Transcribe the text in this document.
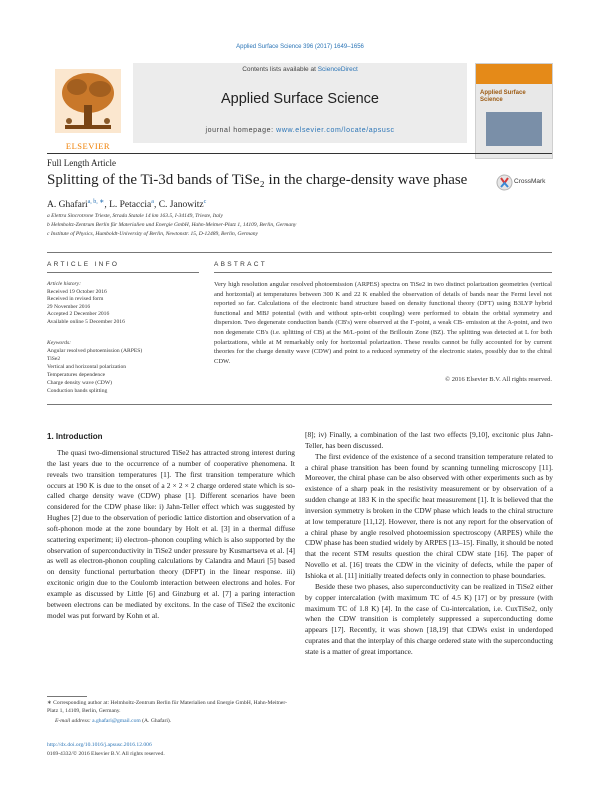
Applied Surface Science 396 (2017) 1649–1656
ELSEVIER
Contents lists available at ScienceDirect
Applied Surface Science
journal homepage: www.elsevier.com/locate/apsusc
Applied Surface Science
Full Length Article
Splitting of the Ti-3d bands of TiSe₂ in the charge-density wave phase	CrossMark
A. Ghafari$^{a, b, ∗}$, L. Petaccia$^a$, C. Janowitz$^c$
a Elettra Sincrotrone Trieste, Strada Statale 14 km 163.5, I-34149, Trieste, Italy
b Helmholtz-Zentrum Berlin für Materialien und Energie GmbH, Hahn-Meitner-Platz 1, 14109, Berlin, Germany
c Institute of Physics, Humboldt-University of Berlin, Newtonstr. 15, D-12489, Berlin, Germany
ARTICLE INFO	ABSTRACT
Article history:
Received 19 October 2016
Received in revised form
29 November 2016
Accepted 2 December 2016
Available online 5 December 2016
Keywords:
Angular resolved photoemission (ARPES)
TiSe2
Vertical and horizontal polarization
Temperatures dependence
Charge density wave (CDW)
Conduction bands splitting
Very high resolution angular resolved photoemission (ARPES) spectra on TiSe2 in two distinct polarization geometries (vertical and horizontal) at temperatures between 300 K and 22 K enabled the observation of details of bands near the Fermi level not reported so far. Calculations of the electronic band structure based on density functional theory (DFT) using B3LYP hybrid functional and MBJ potential (with and without spin-orbit coupling) were performed to obtain the orbital symmetry and dispersion. Two degenerate conduction bands (CB's) were observed at the Γ-point, a weak CB- emission at the A-point, and two non degenerate CB's (i.e. splitting of CB) at the M/L-point of the Brillouin Zone (BZ). The splitting was detected at L for both polarizations, while at M remarkably only for horizontal polarization. These results cannot be fully accounted for by current theories for the charge density wave (CDW) and point to a reduced symmetry of the electronic states, possibly due to the chiral CDW.
© 2016 Elsevier B.V. All rights reserved.
1. Introduction

The quasi two-dimensional structured TiSe2 has attracted strong interest during the last years due to the occurrence of a number of cooperative phenomena. It reveals two transition temperatures [1]. The first transition temperature which occurs at 190 K is due to the onset of a 2 × 2 × 2 charge ordered state which is so-called charge density wave (CDW) phase [1]. Different scenarios have been considered for the CDW phase like: i) Jahn-Teller effect which was suggested by Hughes [2] due to the observation of periodic lattice distortion and observation of a soft-phonon mode at the zone boundary by Holt et al. [3] in a thermal diffuse scattering experiment; ii) electron–phonon coupling which is also supported by the observation of superconductivity in TiSe2 under pressure by Kusmartseva et al. [4] as well as electron-phonon coupling calculations by Calandra and Mauri [5] based on density functional perturbation theory (DFPT) in the linear response. iii) excitonic origin due to the Coulomb interaction between electrons and holes. For example as discussed by Little [6] and Ginzburg et al. [7] a paring interaction between electrons can be mediated by excitons. In the case of TiSe2 the excitonic model was put forward by Kohn et al.

[8]; iv) Finally, a combination of the last two effects [9,10], excitonic plus Jahn-Teller, has been discussed.

The first evidence of the existence of a second transition temperature related to a chiral phase transition has been found by scanning tunneling microscopy [11]. Moreover, the chiral phase can be also observed with other experiments such as by existence of a sharp peak in the resistivity measurement or by observation of a sudden change at 183 K in the specific heat measurement [1]. It is believed that the inversion symmetry is broken in the CDW phase which leads to the chiral structure at low temperature [11,12]. However, there is not any report for the observation of a chiral phase by angle resolved photoemission spectroscopy (ARPES) while the CDW phase has been studied widely by ARPES [13–15]. Finally, it should be noted that the recent STM results question the chiral CDW state [16]. The paper of Novello et al. [16] treats the CDW in the vicinity of defects, while the paper of Ishioka et al. [11] initially treated defects only in connection to phase boundaries.

Beside these two phases, also superconductivity can be realized in TiSe2 either by copper intercalation (with maximum TC of 4.5 K) [17] or by pressure (with maximum TC of 1.8 K) [4]. In the case of Cu-intercalation, i.e. CuxTiSe2, only when the CDW transition is completely suppressed a superconducting dome appears [17]. Recently, it was shown [18,19] that CDWs exist in underdoped cuprates and that the interplay of this charge ordered state with the superconducting state is a matter of great importance.

∗ Corresponding author at: Helmholtz-Zentrum Berlin für Materialien und Energie GmbH, Hahn-Meitner-Platz 1, 14109, Berlin, Germany.
E-mail address: a.ghafari@gmail.com (A. Ghafari).
http://dx.doi.org/10.1016/j.apsusc.2016.12.006
0169-4332/© 2016 Elsevier B.V. All rights reserved.
